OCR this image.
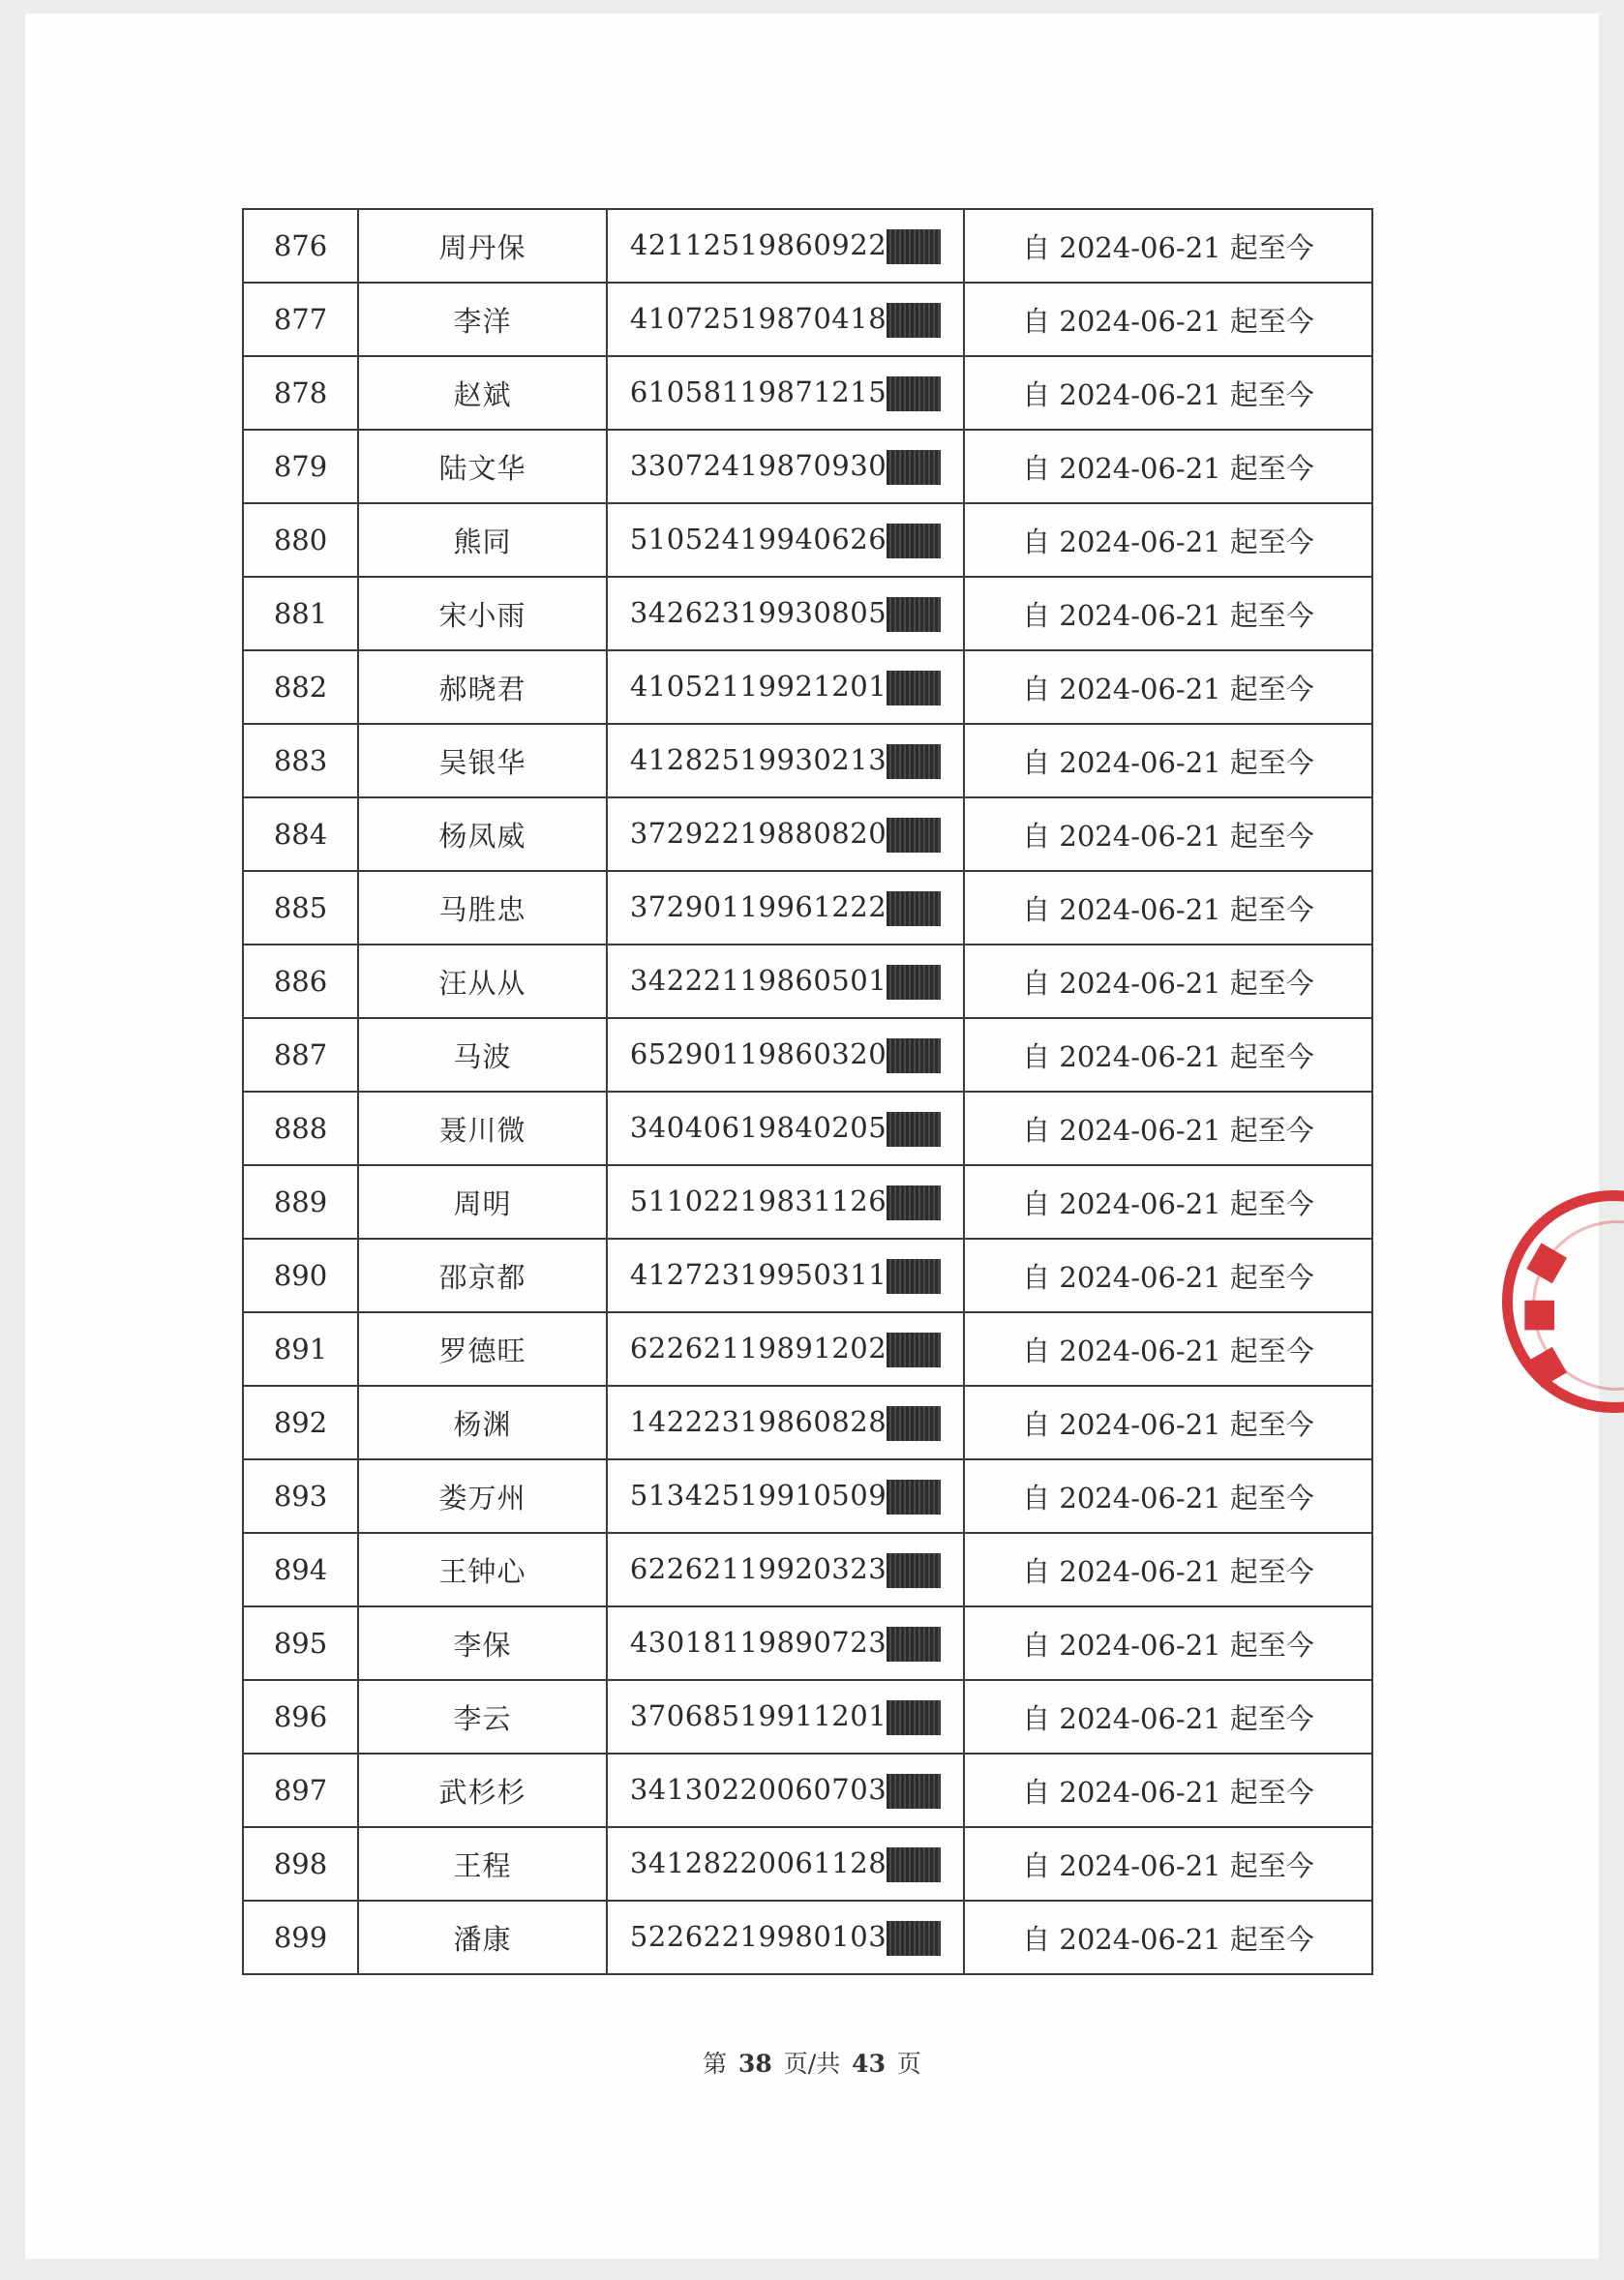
876	周丹保	42112519860922	自 2024-06-21 起至今
877	李洋	41072519870418	自 2024-06-21 起至今
878	赵斌	61058119871215	自 2024-06-21 起至今
879	陆文华	33072419870930	自 2024-06-21 起至今
880	熊同	51052419940626	自 2024-06-21 起至今
881	宋小雨	34262319930805	自 2024-06-21 起至今
882	郝晓君	41052119921201	自 2024-06-21 起至今
883	吴银华	41282519930213	自 2024-06-21 起至今
884	杨凤威	37292219880820	自 2024-06-21 起至今
885	马胜忠	37290119961222	自 2024-06-21 起至今
886	汪从从	34222119860501	自 2024-06-21 起至今
887	马波	65290119860320	自 2024-06-21 起至今
888	聂川微	34040619840205	自 2024-06-21 起至今
889	周明	51102219831126	自 2024-06-21 起至今
890	邵京都	41272319950311	自 2024-06-21 起至今
891	罗德旺	62262119891202	自 2024-06-21 起至今
892	杨渊	14222319860828	自 2024-06-21 起至今
893	娄万州	51342519910509	自 2024-06-21 起至今
894	王钟心	62262119920323	自 2024-06-21 起至今
895	李保	43018119890723	自 2024-06-21 起至今
896	李云	37068519911201	自 2024-06-21 起至今
897	武杉杉	34130220060703	自 2024-06-21 起至今
898	王程	34128220061128	自 2024-06-21 起至今
899	潘康	52262219980103	自 2024-06-21 起至今
第 38 页/共 43 页
■
■
■
